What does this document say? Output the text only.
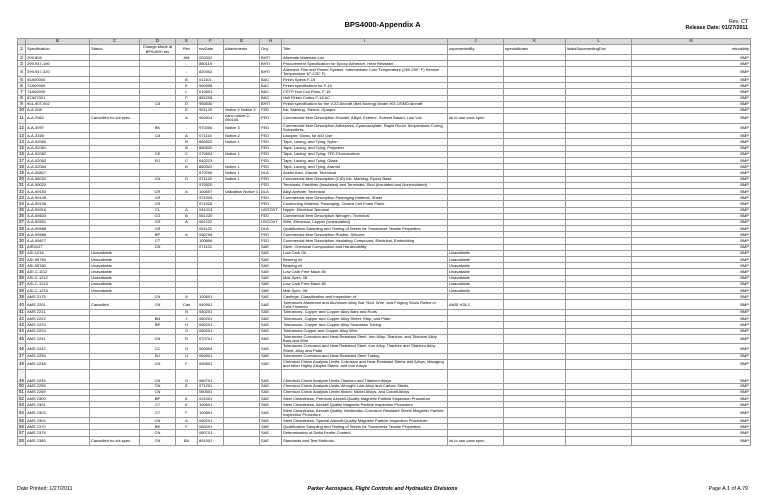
BPS4000-Appendix A	Rev. CT
Release Date: 01/27/2011
	B	C	D	E	F	G	H	I	J	K	L	N
1	Specification	Status	Change Made at BPS4000 rev	Rev	revDate	Attachments	Org.	Title	supersededBy	specialNotes	listedSupersedingDoc	mtrvalidty
2	209-806			AM	020322		BHTI	Alternate Materials List				BMP
3	299-947-100			-	880119		BHTI	Procurement Specification for Epoxy Adhesive, Heat Resistant				BMP
4	299-947-320			-	820302		BHTI	Adhesive Film and Primer System, Intermediate Cure Temperature (260-290° F) Service Temperature 67-225° F)				BMP
5	40A00000			B	011101		BAC	Finish Specs F-19				BMP
6	72A00000			E	960508		BAC	Finish specification for F-15				BMP
7	74A00000			L	010601		BAC	CSTP Hull Coil Parts, F-15				BMP
8	87A07001			F	881208		BAC	Hull Finish Codes F-18 AC				BMP
9	901-907-002		CA	D	950630		BHTI	Finish specification for the V-22 Aircraft (Bell Boeing) Model 901 USMD Aircraft				BMP
10	A-A-208			E	901120	Notice 2 Notice 3	FED	Ink, Marking, Stencil, Opaque				BMP
11	A-A-2962	Cancelled no s/s spec		A	960814	canc notice-2-060106	FED	Commercial Item Description Enamel, Alkyd, Exterior, Solvent Based, Low Voc	ok to use canc spec			BMP
12	A-A-3097		BK	-	970306	Notice 3	FED	Commercial Item Description Adhesives, Cyanoacrylate, Rapid Room Temperature-Curing, Solventless				BMP
13	A-A-3165		CA	A	071116	Notice-2	FED	Lacquer, Gloss, for A/D Use				BMP
14	A-A-52080			B	880520	Notice 1	FED	Tape, Lacing, and Tying, Nylon				BMP
15	A-A-52081			B	880520		FED	Tape, Lacing, and Tying, Polyester				BMP
16	A-A-52082		CE	C	070604	Notice 1	FED	Tape, Lacing, and Tying, TFE-Fluorocarbon				BMP
17	A-A-52083		BJ	C	040223		FED	Tape, Lacing, and Tying, Glass				BMP
18	A-A-52084			B	880520	Notice 1	FED	Tape, Lacing, and Tying, Aramid				BMP
19	A-A-55827				870206	Notice 1	DLA	Acetic Acid, Glacial, Technical				BMP
20	A-A-56032		CN	D	071120	Notice 1	FED	Commercial Item Description (CID) Ink, Marking, Epoxy Base				BMP
21	A-A-59020				970520		FED	Terminals, Feedthru (Insulated) and Terminals, Stud (Insulated and Noninsulated)				BMP
22	A-A-59153		CR	A	100607	Validation Notice 1	DLA	Alkyl Acetate, Technical				BMP
23	A-A-59135		CR		971026		FED	Commercial Item Description Packaging Material, Sheet				BMP
24	A-A-59136		CR		971028		FED	Cushioning Material, Packaging, Closed Cell Foam Plank				BMP
25	A-A-59316		CL	A	041013		USGOVT	Nipple, Electrical Terminal				BMP
26	A-A-59503		CG	B	061220		FED	Commercial Item Description Nitrogen, Technical				BMP
27	A-A-59551		CR	A	061222		USGOVT	Wire, Electrical, Copper (Uninsulated)				BMP
28	A-A-59588		CR		051122		DLA	Qualification Sampling and Testing of Steels for Transverse Tensile Properties				BMP
29	A-A-59588		BP	A	050708		FED	Commercial Item Description Rubber, Silicone				BMP
30	A-A-59877		CT		100806		FED	Commercial Item Description Insulating Compound, Electrical, Embedding				BMP
31	AIR4127		CN		071101		SAE	Steel: Chemical Composition and Hardenability				BMP
32	ASI-1016	Unavailable					SAE	Low Carb Oil	Unavailable			BMP
33	ASI-95760	Unavailable					SAE	Bearing oil	Unavailable			BMP
34	ASI-95760	Unavailable					SAE	Bearing oil	Unavailable			BMP
35	ASI-C-1112	Unavailable					SAE	Low Carb Free Mach 80	Unavailable			BMP
36	ASI-C-1212	Unavailable					SAE	Mall Spec. 08	Unavailable			BMP
37	ASI-C-1213	Unavailable					SAE	Low Carb Free Mach 80	Unavailable			BMP
38	ASI-C-1215	Unavailable					SAE	Mall Spec. 08	Unavailable			BMP
39	AMS 2175		CN	A	100601		SAE	Castings, Classification and Inspection of				BMP
40	AMS 2201	Cancelled	CN	Can	940901		SAE	Tolerances Aluminum and Aluminum Alloy Bar, Rod, Wire, and Forging Stock Rolled or Cold-Finished	ANSI H35.2			BMP
41	AMS 2221			N	080201		SAE	Tolerances, Copper and Copper Alloy Bars and Rods				BMP
42	AMS 2222		BN	J	080201		SAE	Tolerances, Copper and Copper Alloy Sheet, Strip, and Plate				BMP
43	AMS 2223		BP	H	080201		SAE	Tolerances, Copper and Copper Alloy Seamless Tubing				BMP
44	AMS 2224			G	080201		SAE	Tolerances Copper and Copper Alloy Wire				BMP
45	AMS 2241		CN	R	070701		SAE	Tolerances Corrosion and Heat-Resistant Steel, Iron Alloy, Titanium, and Titanium Alloy Bars and Wire				BMP
46	AMS 2242		CC	G	060904		SAE	Tolerances Corrosion and Heat Resistant Steel, Iron Alloy, Titanium and Titanium Alloy Sheet, Alloy and Plate				BMP
47	AMS 2253		BJ	H	060501		SAE	Tolerances Corrosion and Heat-Resistant Steel Tubing				BMP
48	AMS 2248		CN	F	080501		SAE	Chemical Check Analysis Limits Corrosion and Heat-Resistant Steels and Alloys, Maraging and other Highly Alloyed Steels, and Iron Alloys				BMP
49	AMS 2249		CN	G	080701		SAE	Chemical Check Analysis Limits Titanium and Titanium Alloys				BMP
50	AMS 2259		CN	E	071201		SAE	Chemical Check Analysis Limits Wrought Low-Alloy and Carbon Steels				BMP
51	AMS 2269		CN		080501		SAE	Chemical Check Analysis Limits Nickel, Nickel Alloys, and Cobalt Alloys				BMP
52	AMS 2300		BP	K	021001		SAE	Steel Cleanliness, Premium Aircraft-Quality Magnetic Particle Inspection Procedure				BMP
53	AMS 2301		CT	K	100601		SAE	Steel Cleanliness, Aircraft Quality Magnetic Particle Inspection Procedure				BMP
54	AMS 2303		CT	F	100801		SAE	Steel Cleanliness, Aircraft Quality, Martensitic Corrosion Resistant Steels Magnetic Particle Inspection Procedure				BMP
55	AMS 2304		CN	A	080201		SAE	Steel Cleanliness, Special Aircraft-Quality Magnetic Particle Inspection Procedure				BMP
56	AMS 2370		BE	F	080201		SAE	Qualification Sampling and Testing of Steels for Transverse Tensile Properties				BMP
57	AMS 2375		CN		080701		SAE	Determination of Delta Ferrite Content				BMP
58	AMS 2380	Cancelled no s/s spec	CN	BA	891001		SAE	Standards and Test Methods	ok to use canc spec			BMP
Date Printed: 1/27/2011	Parker Aerospace, Flight Controls and Hydraulics Divisions	Page A.1 of A.79
